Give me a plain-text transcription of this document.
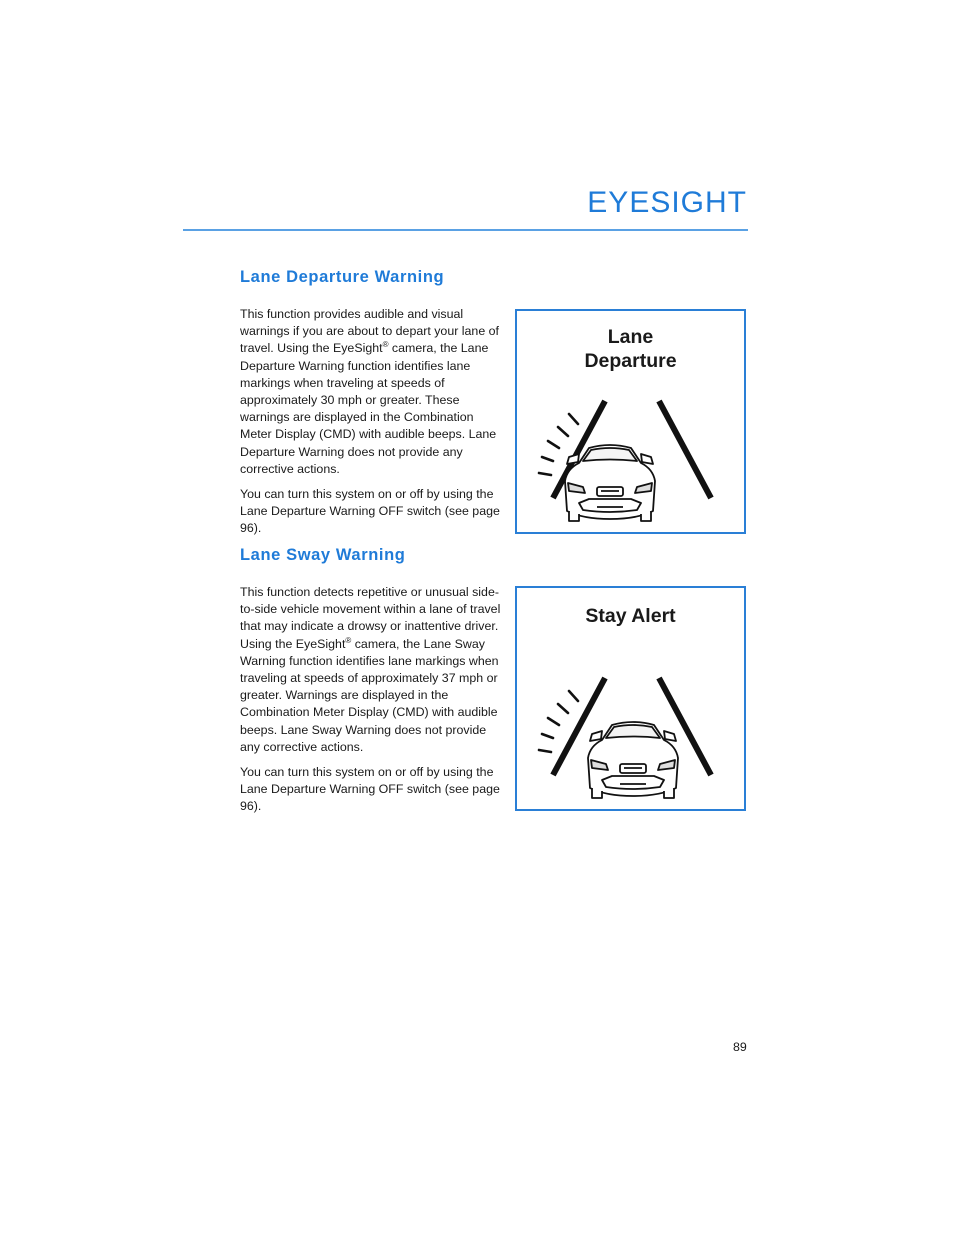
EYESIGHT
Lane Departure Warning

This function provides audible and visual warnings if you are about to depart your lane of travel. Using the EyeSight® camera, the Lane Departure Warning function identifies lane markings when traveling at speeds of approximately 30 mph or greater. These warnings are displayed in the Combination Meter Display (CMD) with audible beeps. Lane Departure Warning does not provide any corrective actions.

You can turn this system on or off by using the Lane Departure Warning OFF switch (see page 96).

Lane
Departure
Lane Sway Warning

This function detects repetitive or unusual side-to-side vehicle movement within a lane of travel that may indicate a drowsy or inattentive driver. Using the EyeSight® camera, the Lane Sway Warning function identifies lane markings when traveling at speeds of approximately 37 mph or greater. Warnings are displayed in the Combination Meter Display (CMD) with audible beeps. Lane Sway Warning does not provide any corrective actions.

You can turn this system on or off by using the Lane Departure Warning OFF switch (see page 96).

Stay Alert
89
